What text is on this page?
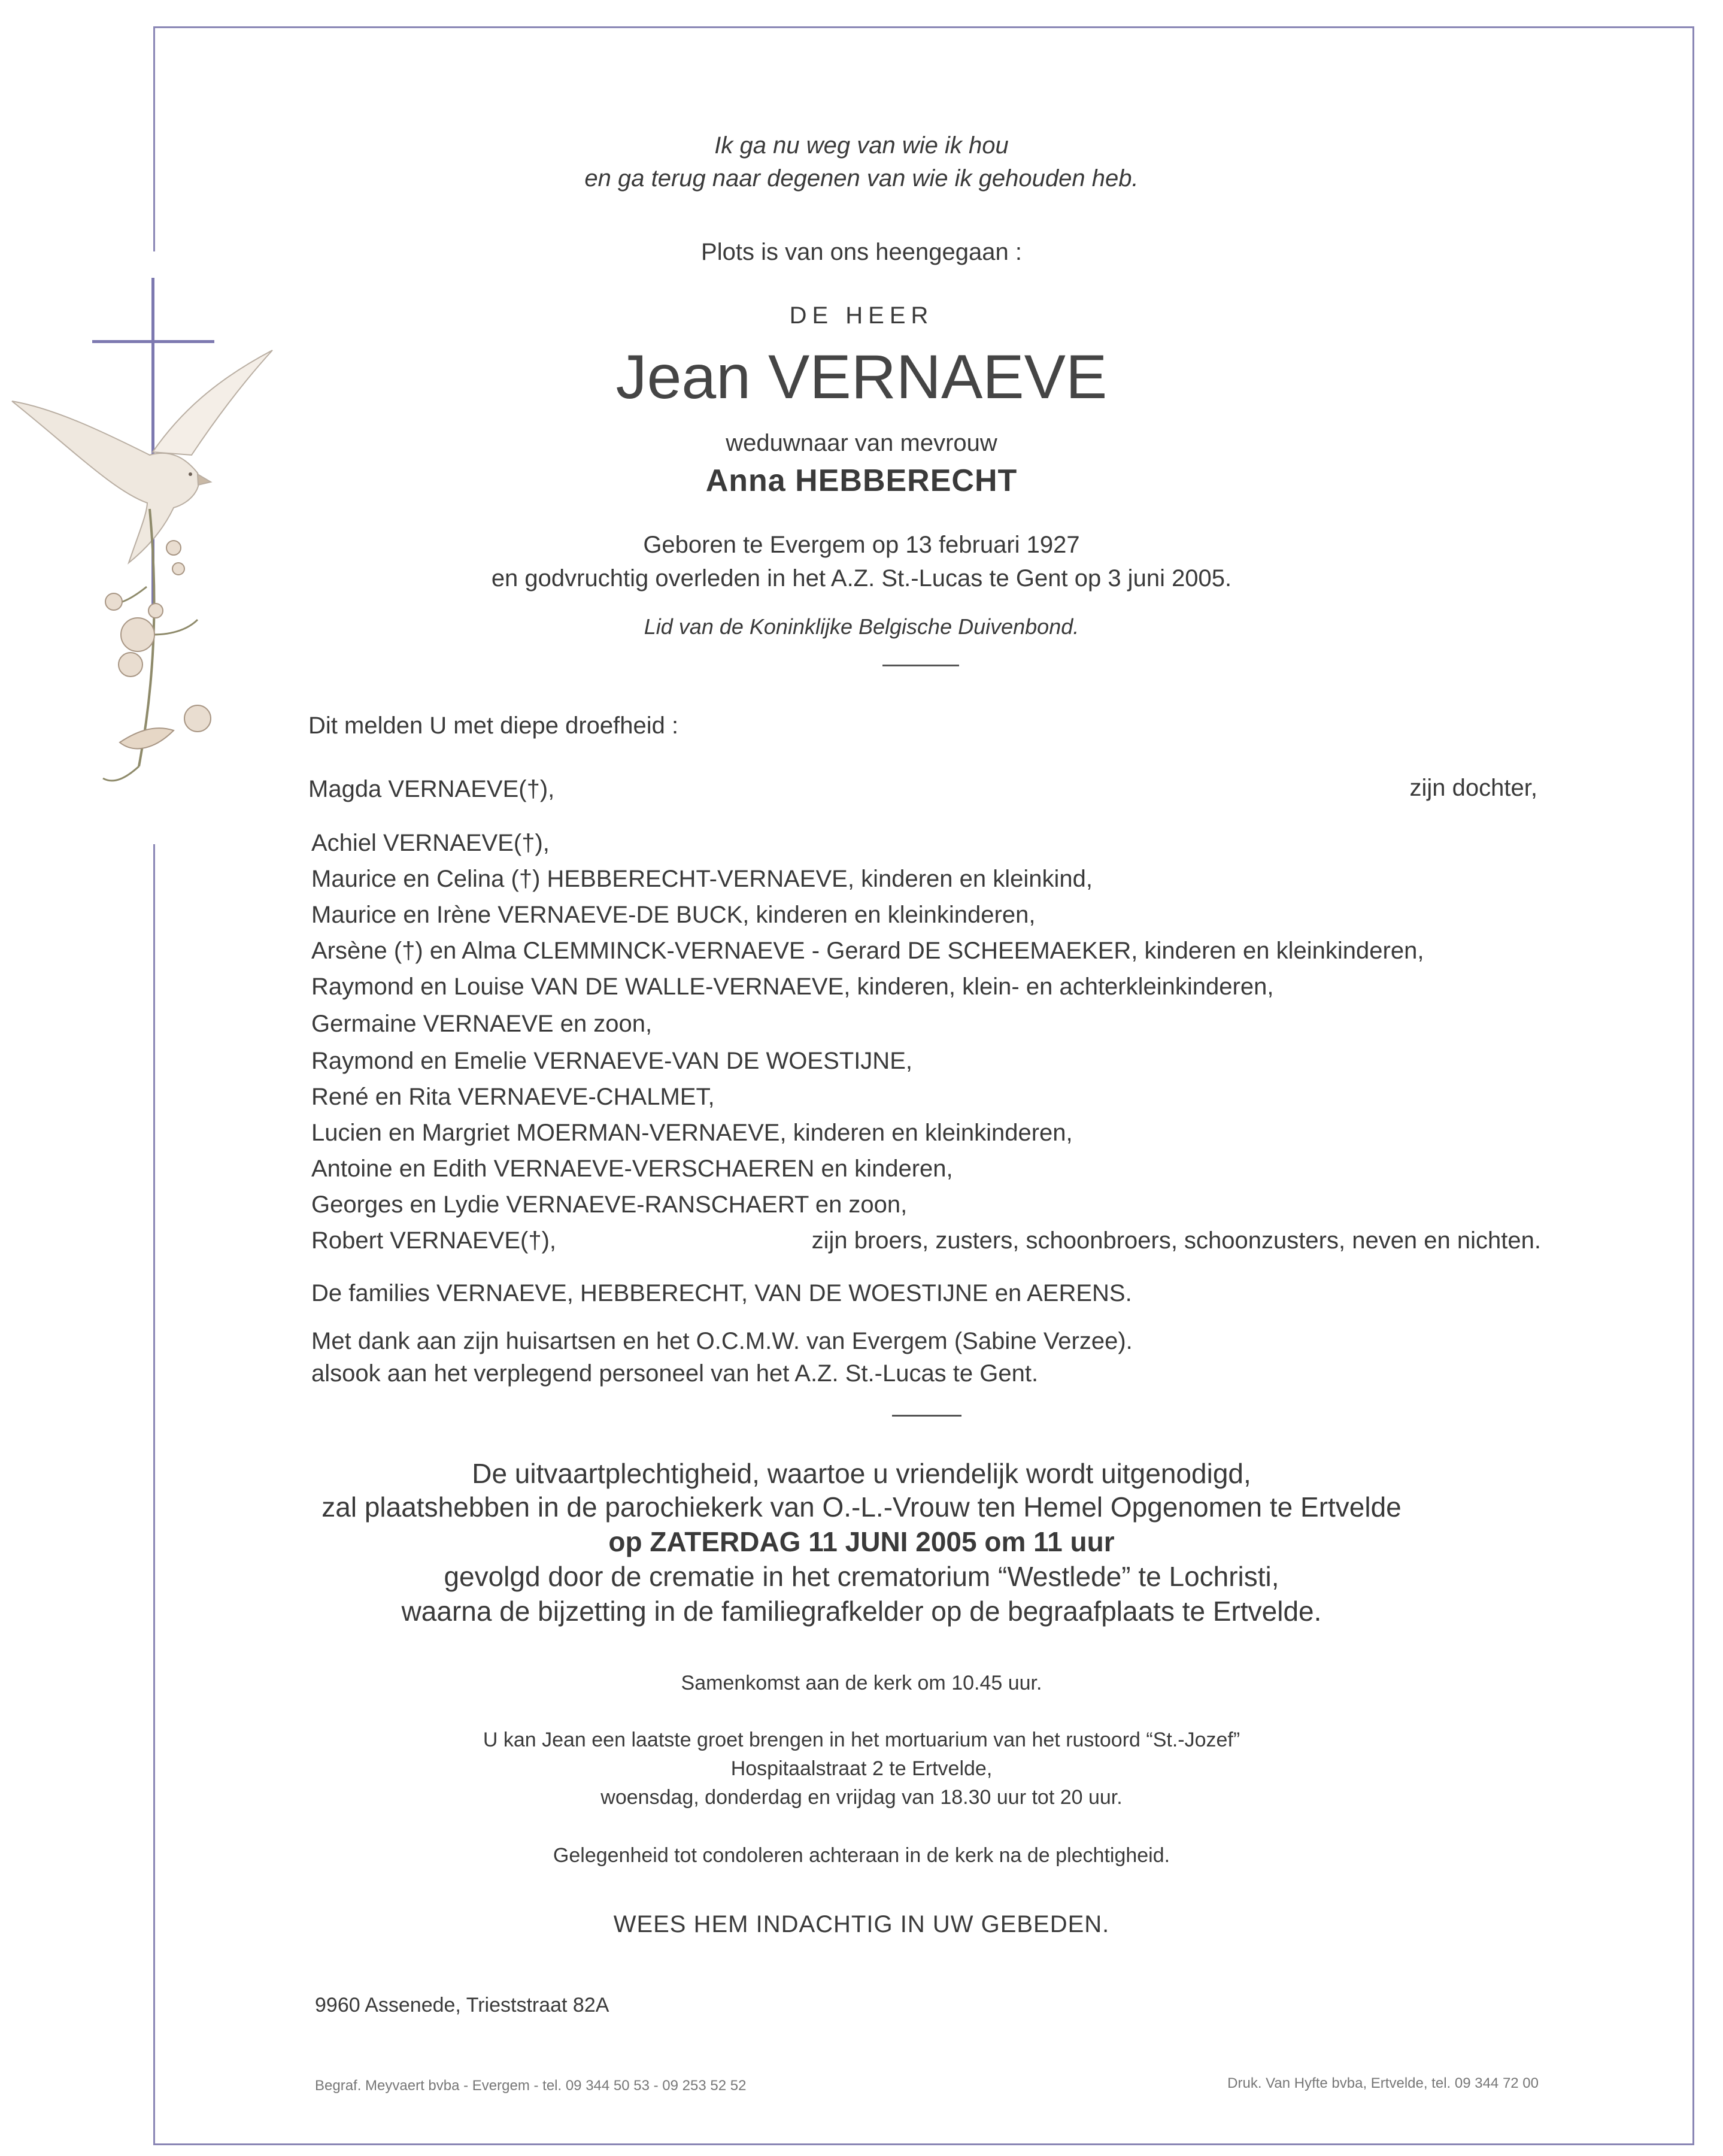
Ik ga nu weg van wie ik hou

en ga terug naar degenen van wie ik gehouden heb.

Plots is van ons heengegaan :

DE HEER

Jean VERNAEVE

weduwnaar van mevrouw

Anna HEBBERECHT

Geboren te Evergem op 13 februari 1927

en godvruchtig overleden in het A.Z. St.-Lucas te Gent op 3 juni 2005.

Lid van de Koninklijke Belgische Duivenbond.

Dit melden U met diepe droefheid :

Magda VERNAEVE(†),	zijn dochter,

Achiel VERNAEVE(†),

Maurice en Celina (†) HEBBERECHT-VERNAEVE, kinderen en kleinkind,

Maurice en Irène VERNAEVE-DE BUCK, kinderen en kleinkinderen,

Arsène (†) en Alma CLEMMINCK-VERNAEVE - Gerard DE SCHEEMAEKER, kinderen en kleinkinderen,

Raymond en Louise VAN DE WALLE-VERNAEVE, kinderen, klein- en achterkleinkinderen,

Germaine VERNAEVE en zoon,

Raymond en Emelie VERNAEVE-VAN DE WOESTIJNE,

René en Rita VERNAEVE-CHALMET,

Lucien en Margriet MOERMAN-VERNAEVE, kinderen en kleinkinderen,

Antoine en Edith VERNAEVE-VERSCHAEREN en kinderen,

Georges en Lydie VERNAEVE-RANSCHAERT en zoon,

Robert VERNAEVE(†),	zijn broers, zusters, schoonbroers, schoonzusters, neven en nichten.

De families VERNAEVE, HEBBERECHT, VAN DE WOESTIJNE en AERENS.

Met dank aan zijn huisartsen en het O.C.M.W. van Evergem (Sabine Verzee).

alsook aan het verplegend personeel van het A.Z. St.-Lucas te Gent.

De uitvaartplechtigheid, waartoe u vriendelijk wordt uitgenodigd,

zal plaatshebben in de parochiekerk van O.-L.-Vrouw ten Hemel Opgenomen te Ertvelde

op ZATERDAG 11 JUNI 2005 om 11 uur

gevolgd door de crematie in het crematorium “Westlede” te Lochristi,

waarna de bijzetting in de familiegrafkelder op de begraafplaats te Ertvelde.

Samenkomst aan de kerk om 10.45 uur.

U kan Jean een laatste groet brengen in het mortuarium van het rustoord “St.-Jozef”

Hospitaalstraat 2 te Ertvelde,

woensdag, donderdag en vrijdag van 18.30 uur tot 20 uur.

Gelegenheid tot condoleren achteraan in de kerk na de plechtigheid.

WEES HEM INDACHTIG IN UW GEBEDEN.

9960 Assenede, Trieststraat 82A

Begraf. Meyvaert bvba - Evergem - tel. 09 344 50 53 - 09 253 52 52	Druk. Van Hyfte bvba, Ertvelde, tel. 09 344 72 00
